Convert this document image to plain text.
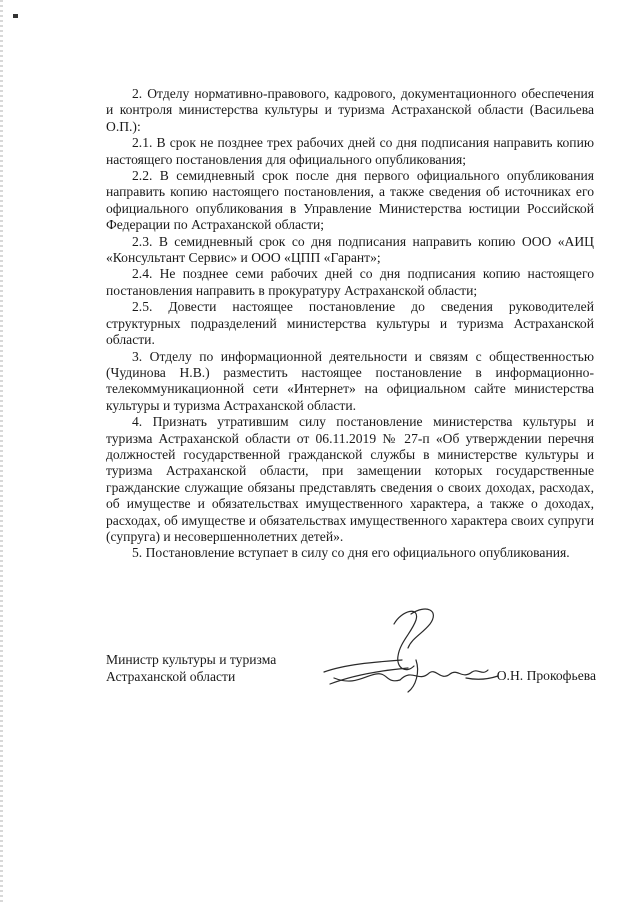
2. Отделу нормативно-правового, кадрового, документационного обеспечения и контроля министерства культуры и туризма Астраханской области (Васильева О.П.):

2.1. В срок не позднее трех рабочих дней со дня подписания направить копию настоящего постановления для официального опубликования;

2.2. В семидневный срок после дня первого официального опубликования направить копию настоящего постановления, а также сведения об источниках его официального опубликования в Управление Министерства юстиции Российской Федерации по Астраханской области;

2.3. В семидневный срок со дня подписания направить копию ООО «АИЦ «Консультант Сервис» и ООО «ЦПП «Гарант»;

2.4. Не позднее семи рабочих дней со дня подписания копию настоящего постановления направить в прокуратуру Астраханской области;

2.5. Довести настоящее постановление до сведения руководителей структурных подразделений министерства культуры и туризма Астраханской области.

3. Отделу по информационной деятельности и связям с общественностью (Чудинова Н.В.) разместить настоящее постановление в информационно-телекоммуникационной сети «Интернет» на официальном сайте министерства культуры и туризма Астраханской области.

4. Признать утратившим силу постановление министерства культуры и туризма Астраханской области от 06.11.2019 № 27-п «Об утверждении перечня должностей государственной гражданской службы в министерстве культуры и туризма Астраханской области, при замещении которых государственные гражданские служащие обязаны представлять сведения о своих доходах, расходах, об имуществе и обязательствах имущественного характера, а также о доходах, расходах, об имуществе и обязательствах имущественного характера своих супруги (супруга) и несовершеннолетних детей».

5. Постановление вступает в силу со дня его официального опубликования.

Министр культуры и туризма
Астраханской области	О.Н. Прокофьева
